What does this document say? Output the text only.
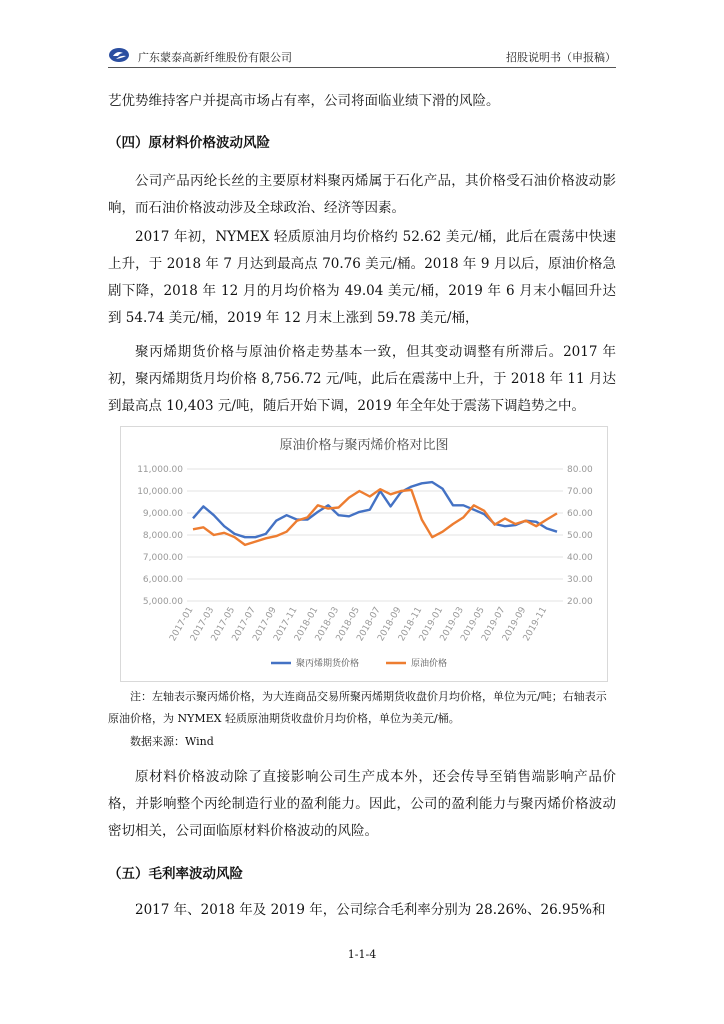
广东蒙泰高新纤维股份有限公司	招股说明书（申报稿）
艺优势维持客户并提高市场占有率，公司将面临业绩下滑的风险。
（四）原材料价格波动风险
公司产品丙纶长丝的主要原材料聚丙烯属于石化产品，其价格受石油价格波动影响，而石油价格波动涉及全球政治、经济等因素。
2017 年初，NYMEX 轻质原油月均价格约 52.62 美元/桶，此后在震荡中快速上升，于 2018 年 7 月达到最高点 70.76 美元/桶。2018 年 9 月以后，原油价格急剧下降，2018 年 12 月的月均价格为 49.04 美元/桶，2019 年 6 月末小幅回升达到 54.74 美元/桶，2019 年 12 月末上涨到 59.78 美元/桶，
聚丙烯期货价格与原油价格走势基本一致，但其变动调整有所滞后。2017 年初，聚丙烯期货月均价格 8,756.72 元/吨，此后在震荡中上升，于 2018 年 11 月达到最高点 10,403 元/吨，随后开始下调，2019 年全年处于震荡下调趋势之中。
原油价格与聚丙烯价格对比图
5,000.00
6,000.00
7,000.00
8,000.00
9,000.00
10,000.00
11,000.00
20.00
30.00
40.00
50.00
60.00
70.00
80.00
2017-01
2017-03
2017-05
2017-07
2017-09
2017-11
2018-01
2018-03
2018-05
2018-07
2018-09
2018-11
2019-01
2019-03
2019-05
2019-07
2019-09
2019-11
聚丙烯期货价格	原油价格
注：左轴表示聚丙烯价格，为大连商品交易所聚丙烯期货收盘价月均价格，单位为元/吨；右轴表示原油价格，为 NYMEX 轻质原油期货收盘价月均价格，单位为美元/桶。
数据来源：Wind
原材料价格波动除了直接影响公司生产成本外，还会传导至销售端影响产品价格，并影响整个丙纶制造行业的盈利能力。因此，公司的盈利能力与聚丙烯价格波动密切相关，公司面临原材料价格波动的风险。
（五）毛利率波动风险
2017 年、2018 年及 2019 年，公司综合毛利率分别为 28.26%、26.95%和
1-1-4
